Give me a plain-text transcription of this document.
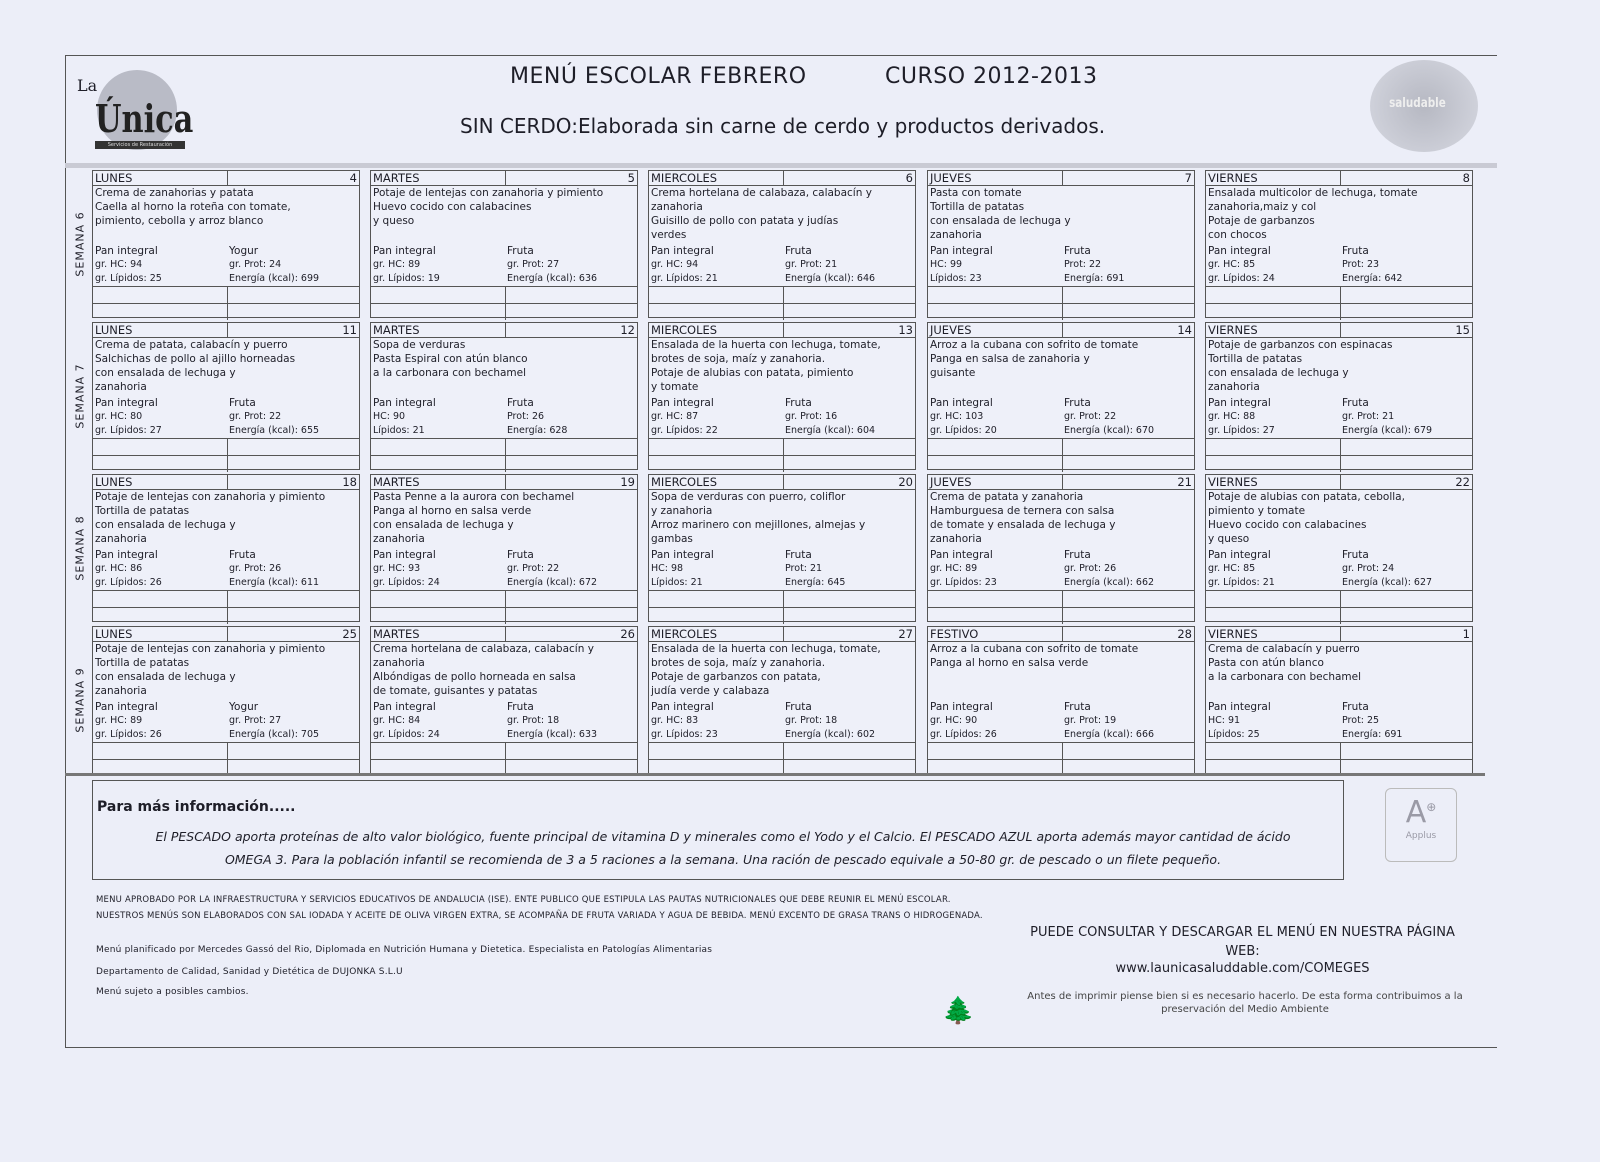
La
Única
Servicios de Restauración
MENÚ ESCOLAR FEBRERO	CURSO 2012-2013
SIN CERDO:Elaborada sin carne de cerdo y productos derivados.
saludable
SEMANA 6
LUNES	4
Crema de zanahorias y patata
Caella al horno la roteña con tomate,
pimiento, cebolla y arroz blanco
Pan integral	Yogur
gr. HC: 94	gr. Prot: 24
gr. Lípidos: 25	Energía (kcal): 699
MARTES	5
Potaje de lentejas con zanahoria y pimiento
Huevo cocido con calabacines
y queso
Pan integral	Fruta
gr. HC: 89	gr. Prot: 27
gr. Lípidos: 19	Energía (kcal): 636
MIERCOLES	6
Crema hortelana de calabaza, calabacín y
zanahoria
Guisillo de pollo con patata y judías
verdes
Pan integral	Fruta
gr. HC: 94	gr. Prot: 21
gr. Lípidos: 21	Energía (kcal): 646
JUEVES	7
Pasta con tomate
Tortilla de patatas
con ensalada de lechuga y
zanahoria
Pan integral	Fruta
HC: 99	Prot: 22
Lípidos: 23	Energía: 691
VIERNES	8
Ensalada multicolor de lechuga, tomate
zanahoria,maiz y col
Potaje de garbanzos
con chocos
Pan integral	Fruta
gr. HC: 85	Prot: 23
gr. Lípidos: 24	Energía: 642
SEMANA 7
LUNES	11
Crema de patata, calabacín y puerro
Salchichas de pollo al ajillo horneadas
con ensalada de lechuga y
zanahoria
Pan integral	Fruta
gr. HC: 80	gr. Prot: 22
gr. Lípidos: 27	Energía (kcal): 655
MARTES	12
Sopa de verduras
Pasta Espiral con atún blanco
a la carbonara con bechamel
Pan integral	Fruta
HC: 90	Prot: 26
Lípidos: 21	Energía: 628
MIERCOLES	13
Ensalada de la huerta con lechuga, tomate,
brotes de soja, maíz y zanahoria.
Potaje de alubias con patata, pimiento
y tomate
Pan integral	Fruta
gr. HC: 87	gr. Prot: 16
gr. Lípidos: 22	Energía (kcal): 604
JUEVES	14
Arroz a la cubana con sofrito de tomate
Panga en salsa de zanahoria y
guisante
Pan integral	Fruta
gr. HC: 103	gr. Prot: 22
gr. Lípidos: 20	Energía (kcal): 670
VIERNES	15
Potaje de garbanzos con espinacas
Tortilla de patatas
con ensalada de lechuga y
zanahoria
Pan integral	Fruta
gr. HC: 88	gr. Prot: 21
gr. Lípidos: 27	Energía (kcal): 679
SEMANA 8
LUNES	18
Potaje de lentejas con zanahoria y pimiento
Tortilla de patatas
con ensalada de lechuga y
zanahoria
Pan integral	Fruta
gr. HC: 86	gr. Prot: 26
gr. Lípidos: 26	Energía (kcal): 611
MARTES	19
Pasta Penne a la aurora con bechamel
Panga al horno en salsa verde
con ensalada de lechuga y
zanahoria
Pan integral	Fruta
gr. HC: 93	gr. Prot: 22
gr. Lípidos: 24	Energía (kcal): 672
MIERCOLES	20
Sopa de verduras con puerro, coliflor
y zanahoria
Arroz marinero con mejillones, almejas y
gambas
Pan integral	Fruta
HC: 98	Prot: 21
Lípidos: 21	Energía: 645
JUEVES	21
Crema de patata y zanahoria
Hamburguesa de ternera con salsa
de tomate y ensalada de lechuga y
zanahoria
Pan integral	Fruta
gr. HC: 89	gr. Prot: 26
gr. Lípidos: 23	Energía (kcal): 662
VIERNES	22
Potaje de alubias con patata, cebolla,
pimiento y tomate
Huevo cocido con calabacines
y queso
Pan integral	Fruta
gr. HC: 85	gr. Prot: 24
gr. Lípidos: 21	Energía (kcal): 627
SEMANA 9
LUNES	25
Potaje de lentejas con zanahoria y pimiento
Tortilla de patatas
con ensalada de lechuga y
zanahoria
Pan integral	Yogur
gr. HC: 89	gr. Prot: 27
gr. Lípidos: 26	Energía (kcal): 705
MARTES	26
Crema hortelana de calabaza, calabacín y
zanahoria
Albóndigas de pollo horneada en salsa
de tomate, guisantes y patatas
Pan integral	Fruta
gr. HC: 84	gr. Prot: 18
gr. Lípidos: 24	Energía (kcal): 633
MIERCOLES	27
Ensalada de la huerta con lechuga, tomate,
brotes de soja, maíz y zanahoria.
Potaje de garbanzos con patata,
judía verde y calabaza
Pan integral	Fruta
gr. HC: 83	gr. Prot: 18
gr. Lípidos: 23	Energía (kcal): 602
FESTIVO	28
Arroz a la cubana con sofrito de tomate
Panga al horno en salsa verde
Pan integral	Fruta
gr. HC: 90	gr. Prot: 19
gr. Lípidos: 26	Energía (kcal): 666
VIERNES	1
Crema de calabacín y puerro
Pasta con atún blanco
a la carbonara con bechamel
Pan integral	Fruta
HC: 91	Prot: 25
Lípidos: 25	Energía: 691
Para más información.....
El PESCADO aporta proteínas de alto valor biológico, fuente principal de vitamina D y minerales como el Yodo y el Calcio. El PESCADO AZUL aporta además mayor cantidad de ácido OMEGA 3. Para la población infantil se recomienda de 3 a 5 raciones a la semana. Una ración de pescado equivale a 50-80 gr. de pescado o un filete pequeño.
A⊕
Applus
MENU APROBADO POR LA INFRAESTRUCTURA Y SERVICIOS EDUCATIVOS DE ANDALUCIA (ISE). ENTE PUBLICO QUE ESTIPULA LAS PAUTAS NUTRICIONALES QUE DEBE REUNIR EL MENÚ ESCOLAR.
NUESTROS MENÚS SON ELABORADOS CON SAL IODADA Y ACEITE DE OLIVA VIRGEN EXTRA, SE ACOMPAÑA DE FRUTA VARIADA Y AGUA DE BEBIDA. MENÚ EXCENTO DE GRASA TRANS O HIDROGENADA.
Menú planificado por Mercedes Gassó del Rio, Diplomada en Nutrición Humana y Dietetica. Especialista en Patologías Alimentarias
Departamento de Calidad, Sanidad y Dietética de DUJONKA S.L.U
Menú sujeto a posibles cambios.
PUEDE CONSULTAR Y DESCARGAR EL MENÚ EN NUESTRA PÁGINA
WEB:
www.launicasaluddable.com/COMEGES
🌲	Antes de imprimir piense bien si es necesario hacerlo. De esta forma contribuimos a la preservación del Medio Ambiente
